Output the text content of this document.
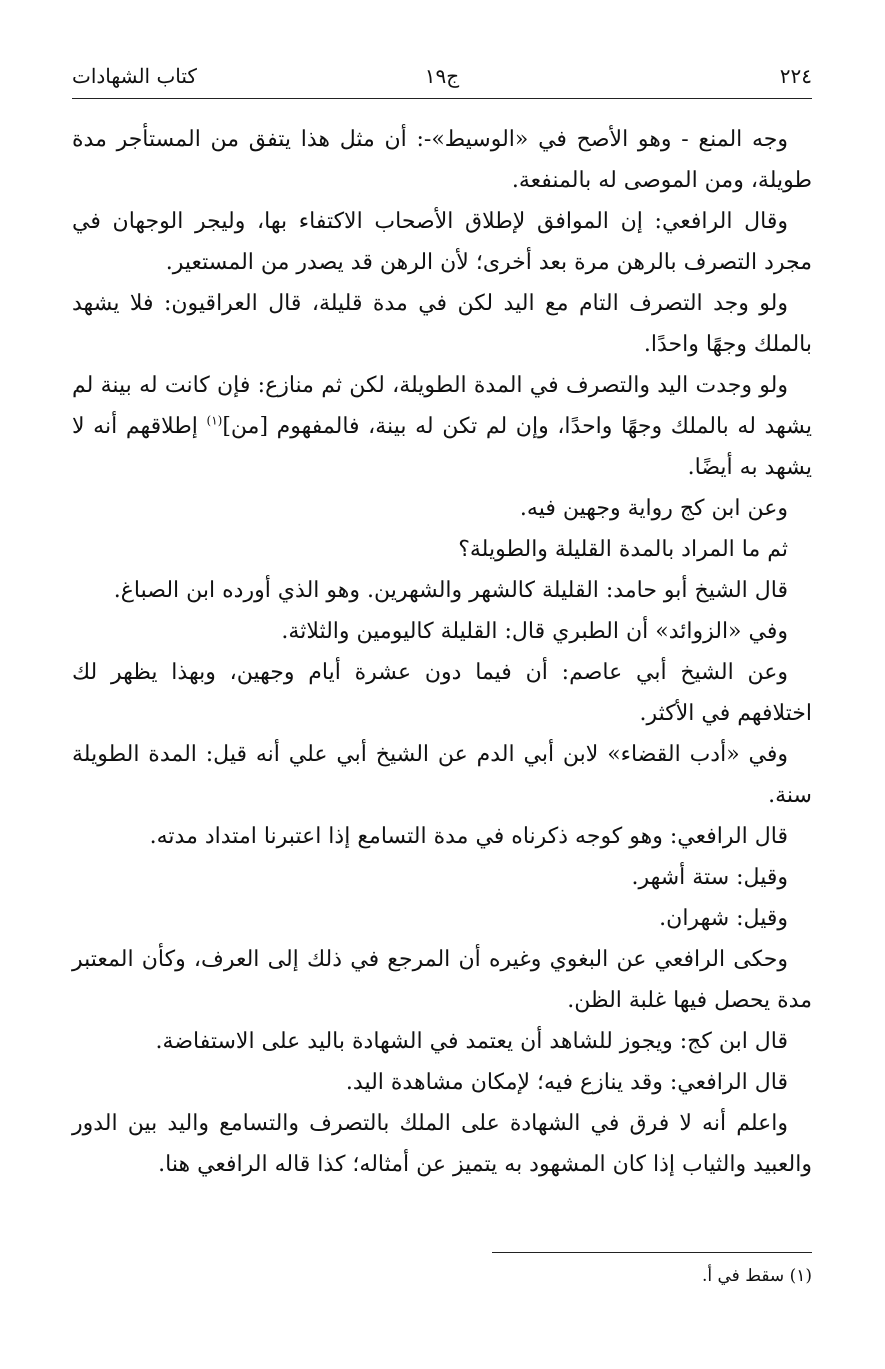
٢٢٤
ج١٩
كتاب الشهادات

وجه المنع - وهو الأصح في «الوسيط»-: أن مثل هذا يتفق من المستأجر مدة طويلة، ومن الموصى له بالمنفعة.

وقال الرافعي: إن الموافق لإطلاق الأصحاب الاكتفاء بها، وليجر الوجهان في مجرد التصرف بالرهن مرة بعد أخرى؛ لأن الرهن قد يصدر من المستعير.

ولو وجد التصرف التام مع اليد لكن في مدة قليلة، قال العراقيون: فلا يشهد بالملك وجهًا واحدًا.

ولو وجدت اليد والتصرف في المدة الطويلة، لكن ثم منازع: فإن كانت له بينة لم يشهد له بالملك وجهًا واحدًا، وإن لم تكن له بينة، فالمفهوم [من]$^{(١)}$ إطلاقهم أنه لا يشهد به أيضًا.

وعن ابن كج رواية وجهين فيه.

ثم ما المراد بالمدة القليلة والطويلة؟

قال الشيخ أبو حامد: القليلة كالشهر والشهرين. وهو الذي أورده ابن الصباغ.

وفي «الزوائد» أن الطبري قال: القليلة كاليومين والثلاثة.

وعن الشيخ أبي عاصم: أن فيما دون عشرة أيام وجهين، وبهذا يظهر لك اختلافهم في الأكثر.

وفي «أدب القضاء» لابن أبي الدم عن الشيخ أبي علي أنه قيل: المدة الطويلة سنة.

قال الرافعي: وهو كوجه ذكرناه في مدة التسامع إذا اعتبرنا امتداد مدته.

وقيل: ستة أشهر.

وقيل: شهران.

وحكى الرافعي عن البغوي وغيره أن المرجع في ذلك إلى العرف، وكأن المعتبر مدة يحصل فيها غلبة الظن.

قال ابن كج: ويجوز للشاهد أن يعتمد في الشهادة باليد على الاستفاضة.

قال الرافعي: وقد ينازع فيه؛ لإمكان مشاهدة اليد.

واعلم أنه لا فرق في الشهادة على الملك بالتصرف والتسامع واليد بين الدور والعبيد والثياب إذا كان المشهود به يتميز عن أمثاله؛ كذا قاله الرافعي هنا.

(١) سقط في أ.
